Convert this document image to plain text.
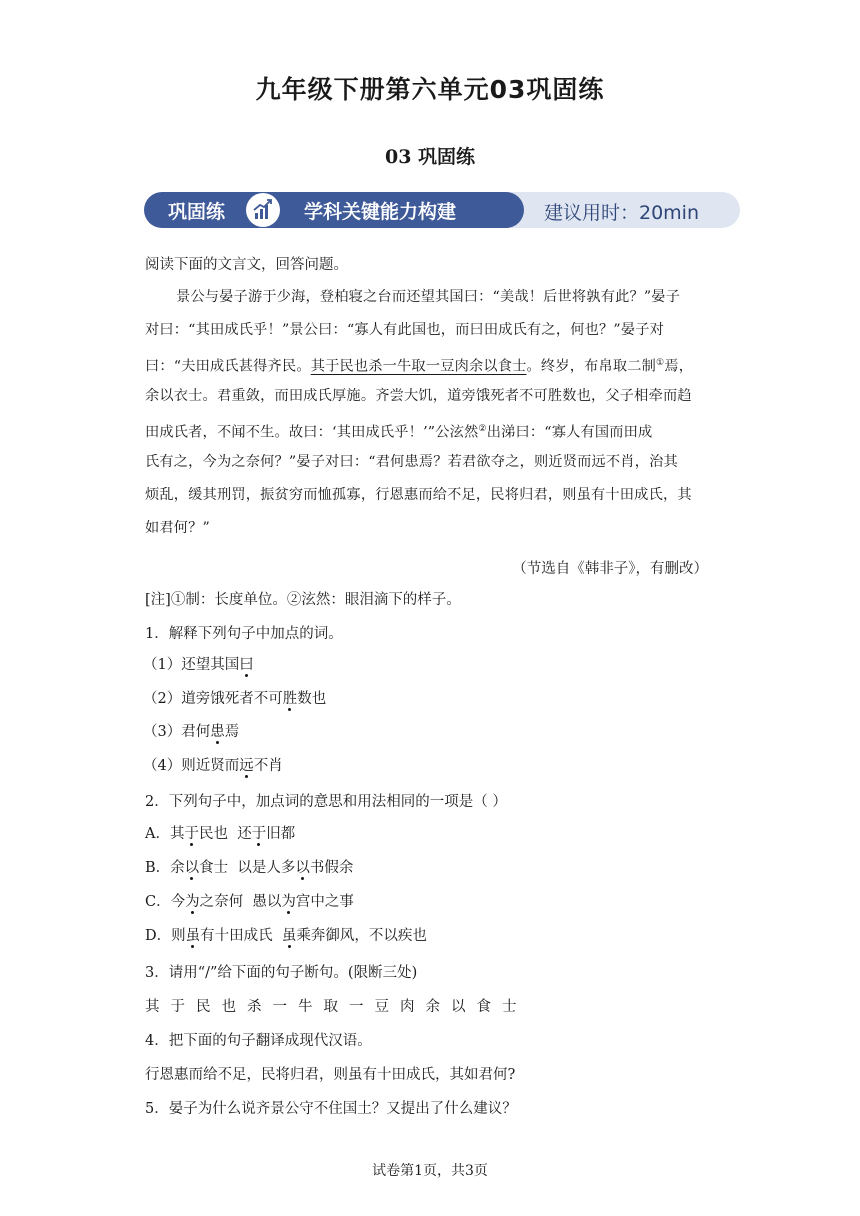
九年级下册第六单元03巩固练
03 巩固练
巩固练	学科关键能力构建	建议用时：20min
阅读下面的文言文，回答问题。
景公与晏子游于少海，登柏寝之台而还望其国曰：“美哉！后世将孰有此？”晏子
对曰：“其田成氏乎！”景公曰：“寡人有此国也，而曰田成氏有之，何也？”晏子对
曰：“夫田成氏甚得齐民。其于民也杀一牛取一豆肉余以食士。终岁，布帛取二制①焉，
余以衣士。君重敛，而田成氏厚施。齐尝大饥，道旁饿死者不可胜数也，父子相牵而趋
田成氏者，不闻不生。故曰：‘其田成氏乎！’”公泫然②出涕曰：“寡人有国而田成
氏有之，今为之奈何？”晏子对曰：“君何患焉？若君欲夺之，则近贤而远不肖，治其
烦乱，缓其刑罚，振贫穷而恤孤寡，行恩惠而给不足，民将归君，则虽有十田成氏，其
如君何？”
（节选自《韩非子》，有删改）
[注]①制：长度单位。②泫然：眼泪滴下的样子。
1．解释下列句子中加点的词。
（1）还望其国曰
（2）道旁饿死者不可胜数也
（3）君何患焉
（4）则近贤而远不肖
2．下列句子中，加点词的意思和用法相同的一项是（ ）
A．其于民也  还于旧都
B．余以食士  以是人多以书假余
C．今为之奈何  愚以为宫中之事
D．则虽有十田成氏  虽乘奔御风，不以疾也
3．请用“/”给下面的句子断句。(限断三处)
其于民也杀一牛取一豆肉余以食士
4．把下面的句子翻译成现代汉语。
行恩惠而给不足，民将归君，则虽有十田成氏，其如君何?
5．晏子为什么说齐景公守不住国土？又提出了什么建议？
试卷第1页，共3页
